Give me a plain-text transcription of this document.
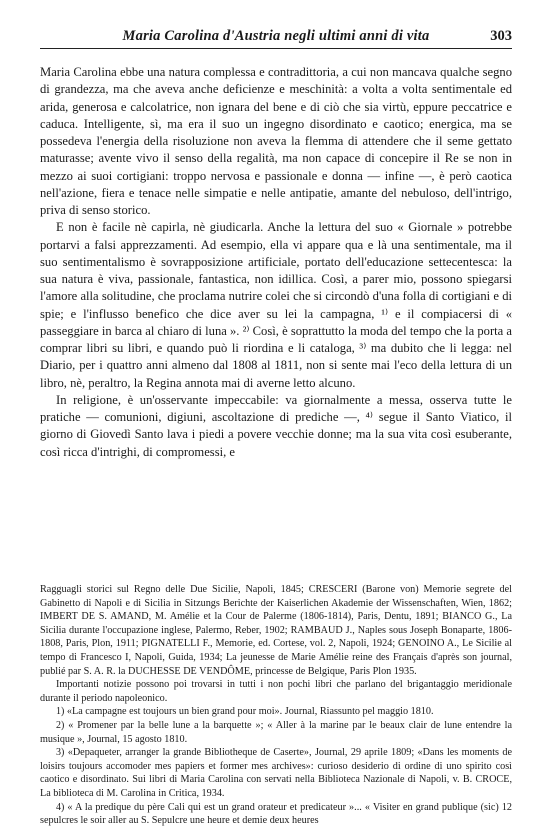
Maria Carolina d'Austria negli ultimi anni di vita	303

Maria Carolina ebbe una natura complessa e contradittoria, a cui non mancava qualche segno di grandezza, ma che aveva anche deficienze e meschinità: a volta a volta sentimentale ed arida, generosa e calcolatrice, non ignara del bene e di ciò che sia virtù, eppure peccatrice e caduca. Intelligente, sì, ma era il suo un ingegno disordinato e caotico; energica, ma se possedeva l'energia della risoluzione non aveva la flemma di attendere che il seme gettato maturasse; avente vivo il senso della regalità, ma non capace di concepire il Re se non in mezzo ai suoi cortigiani: troppo nervosa e passionale e donna — infine —, è però caotica nell'azione, fiera e tenace nelle simpatie e nelle antipatie, amante del nebuloso, dell'intrigo, priva di senso storico.

E non è facile nè capirla, nè giudicarla. Anche la lettura del suo « Giornale » potrebbe portarvi a falsi apprezzamenti. Ad esempio, ella vi appare qua e là una sentimentale, ma il suo sentimentalismo è sovrapposizione artificiale, portato dell'educazione settecentesca: la sua natura è viva, passionale, fantastica, non idillica. Così, a parer mio, possono spiegarsi l'amore alla solitudine, che proclama nutrire colei che si circondò d'una folla di cortigiani e di spie; e l'influsso benefico che dice aver su lei la campagna, ¹⁾ e il compiacersi di « passeggiare in barca al chiaro di luna ». ²⁾ Così, è soprattutto la moda del tempo che la porta a comprar libri su libri, e quando può li riordina e li cataloga, ³⁾ ma dubito che li legga: nel Diario, per i quattro anni almeno dal 1808 al 1811, non si sente mai l'eco della lettura di un libro, nè, peraltro, la Regina annota mai di averne letto alcuno.

In religione, è un'osservante impeccabile: va giornalmente a messa, osserva tutte le pratiche — comunioni, digiuni, ascoltazione di prediche —, ⁴⁾ segue il Santo Viatico, il giorno di Giovedì Santo lava i piedi a povere vecchie donne; ma la sua vita così esuberante, così ricca d'intrighi, di compromessi, e

Ragguagli storici sul Regno delle Due Sicilie, Napoli, 1845; CRESCERI (Barone von) Memorie segrete del Gabinetto di Napoli e di Sicilia in Sitzungs Berichte der Kaiserlichen Akademie der Wissenschaften, Wien, 1862; IMBERT DE S. AMAND, M. Amélie et la Cour de Palerme (1806-1814), Paris, Dentu, 1891; BIANCO G., La Sicilia durante l'occupazione inglese, Palermo, Reber, 1902; RAMBAUD J., Naples sous Joseph Bonaparte, 1806-1808, Paris, Plon, 1911; PIGNATELLI F., Memorie, ed. Cortese, vol. 2, Napoli, 1924; GENOINO A., Le Sicilie al tempo di Francesco I, Napoli, Guida, 1934; La jeunesse de Marie Amélie reine des Français d'après son journal, publié par S. A. R. la DUCHESSE DE VENDÔME, princesse de Belgique, Paris Plon 1935.

Importanti notizie possono poi trovarsi in tutti i non pochi libri che parlano del brigantaggio meridionale durante il periodo napoleonico.

1) «La campagne est toujours un bien grand pour moi». Journal, Riassunto pel maggio 1810.

2) « Promener par la belle lune a la barquette »; « Aller à la marine par le beaux clair de lune entendre la musique », Journal, 15 agosto 1810.

3) «Depaqueter, arranger la grande Bibliotheque de Caserte», Journal, 29 aprile 1809; «Dans les moments de loisirs toujours accomoder mes papiers et former mes archives»: curioso desiderio di ordine di uno spirito così caotico e disordinato. Sui libri di Maria Carolina con servati nella Biblioteca Nazionale di Napoli, v. B. CROCE, La biblioteca di M. Carolina in Critica, 1934.

4) « A la predique du père Cali qui est un grand orateur et predicateur »... « Visiter en grand publique (sic) 12 sepulcres le soir aller au S. Sepulcre une heure et demie deux heures
